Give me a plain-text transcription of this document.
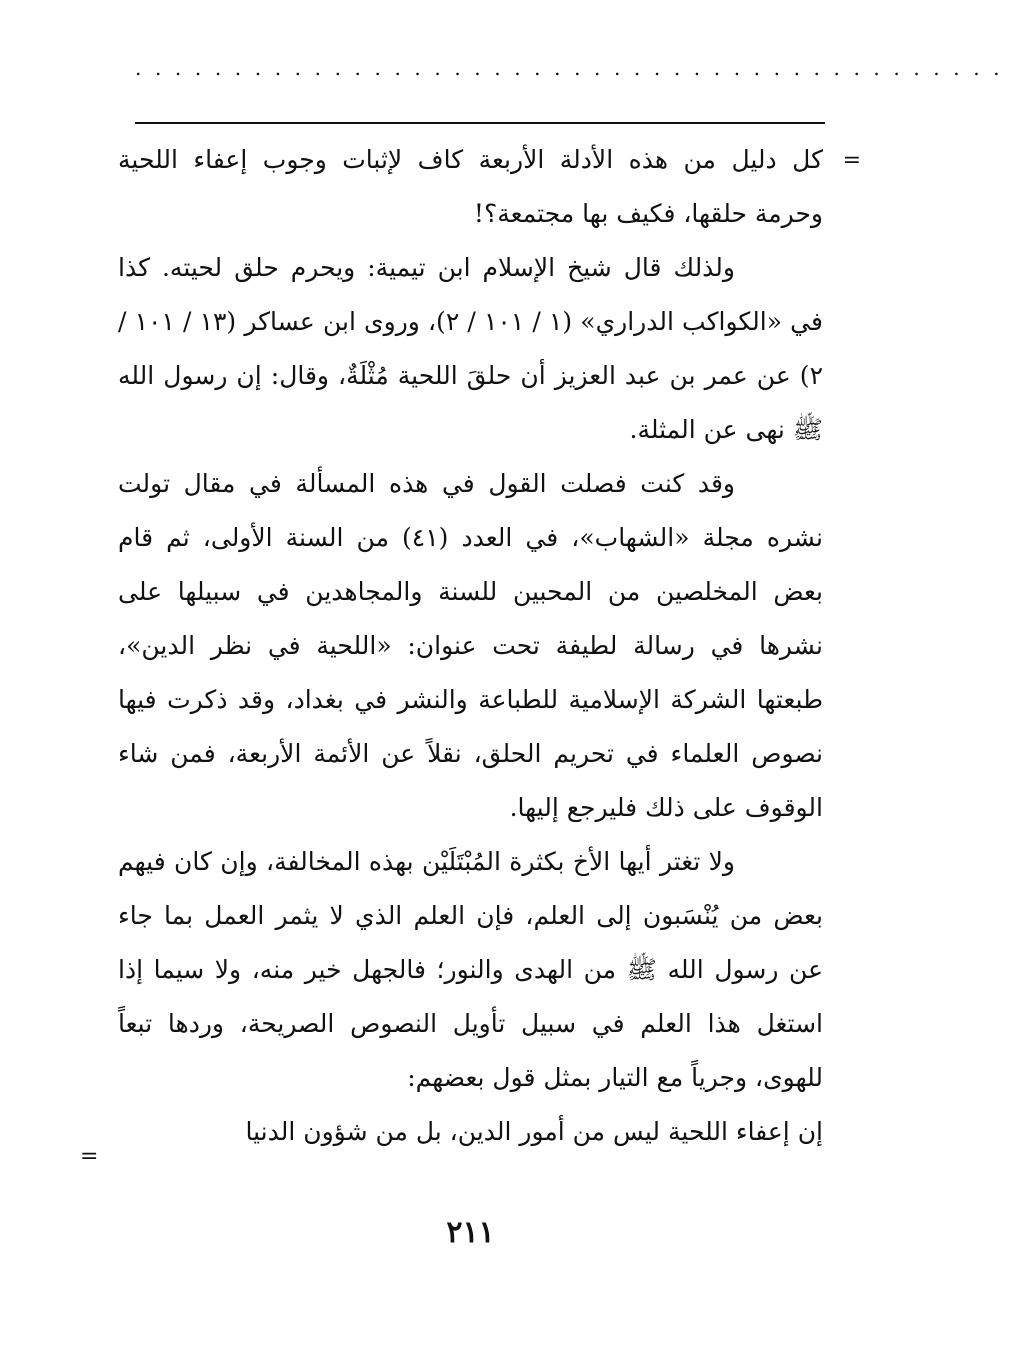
............................................
=

كل دليل من هذه الأدلة الأربعة كاف لإثبات وجوب إعفاء اللحية وحرمة حلقها، فكيف بها مجتمعة؟!

ولذلك قال شيخ الإسلام ابن تيمية: ويحرم حلق لحيته. كذا في «الكواكب الدراري» (١ / ١٠١ / ٢)، وروى ابن عساكر (١٣ / ١٠١ / ٢) عن عمر بن عبد العزيز أن حلقَ اللحية مُثْلَةٌ، وقال: إن رسول الله ﷺ نهى عن المثلة.

وقد كنت فصلت القول في هذه المسألة في مقال تولت نشره مجلة «الشهاب»، في العدد (٤١) من السنة الأولى، ثم قام بعض المخلصين من المحبين للسنة والمجاهدين في سبيلها على نشرها في رسالة لطيفة تحت عنوان: «اللحية في نظر الدين»، طبعتها الشركة الإسلامية للطباعة والنشر في بغداد، وقد ذكرت فيها نصوص العلماء في تحريم الحلق، نقلاً عن الأئمة الأربعة، فمن شاء الوقوف على ذلك فليرجع إليها.

ولا تغتر أيها الأخ بكثرة المُبْتَلَيْن بهذه المخالفة، وإن كان فيهم بعض من يُنْسَبون إلى العلم، فإن العلم الذي لا يثمر العمل بما جاء عن رسول الله ﷺ من الهدى والنور؛ فالجهل خير منه، ولا سيما إذا استغل هذا العلم في سبيل تأويل النصوص الصريحة، وردها تبعاً للهوى، وجرياً مع التيار بمثل قول بعضهم:

إن إعفاء اللحية ليس من أمور الدين، بل من شؤون الدنيا

=
٢١١
